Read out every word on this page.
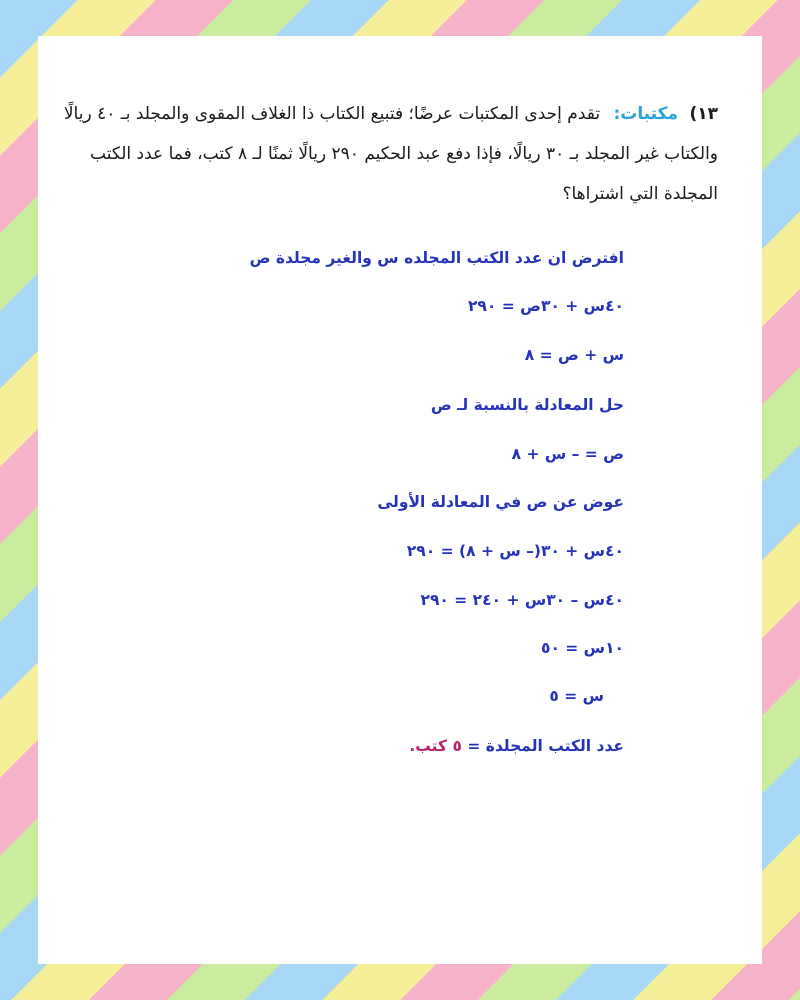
١٣) مكتبات: تقدم إحدى المكتبات عرضًا؛ فتبيع الكتاب ذا الغلاف المقوى والمجلد بـ ٤٠ ريالًا والكتاب غير المجلد بـ ٣٠ ريالًا، فإذا دفع عبد الحكيم ٢٩٠ ريالًا ثمنًا لـ ٨ كتب، فما عدد الكتب المجلدة التي اشتراها؟
افترض ان عدد الكتب المجلده س والغير مجلدة ص
٤٠س + ٣٠ص = ٢٩٠
س + ص = ٨
حل المعادلة بالنسبة لـ ص
ص = – س + ٨
عوض عن ص في المعادلة الأولى
٤٠س + ٣٠(– س + ٨) = ٢٩٠
٤٠س – ٣٠س + ٢٤٠ = ٢٩٠
١٠س = ٥٠
س = ٥
عدد الكتب المجلدة = ٥ كتب.
